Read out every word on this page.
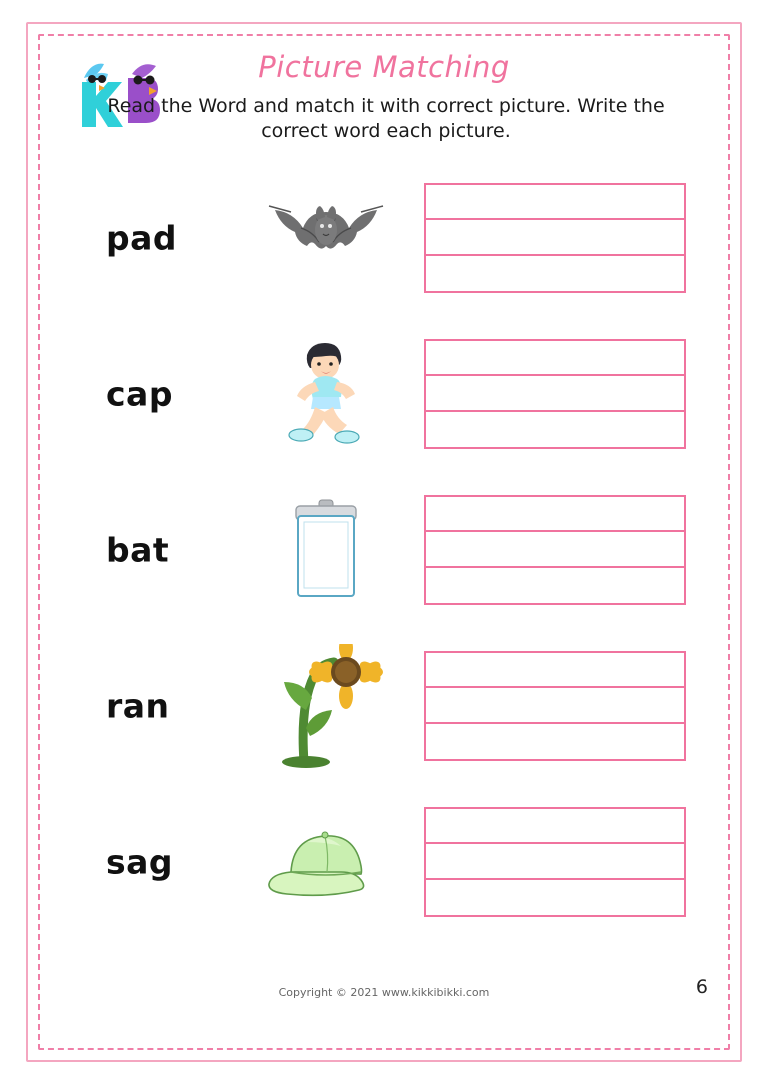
Picture Matching
Read the Word and match it with correct picture. Write the correct word each picture.
pad
cap
bat
ran
sag
Copyright © 2021 www.kikkibikki.com	6
